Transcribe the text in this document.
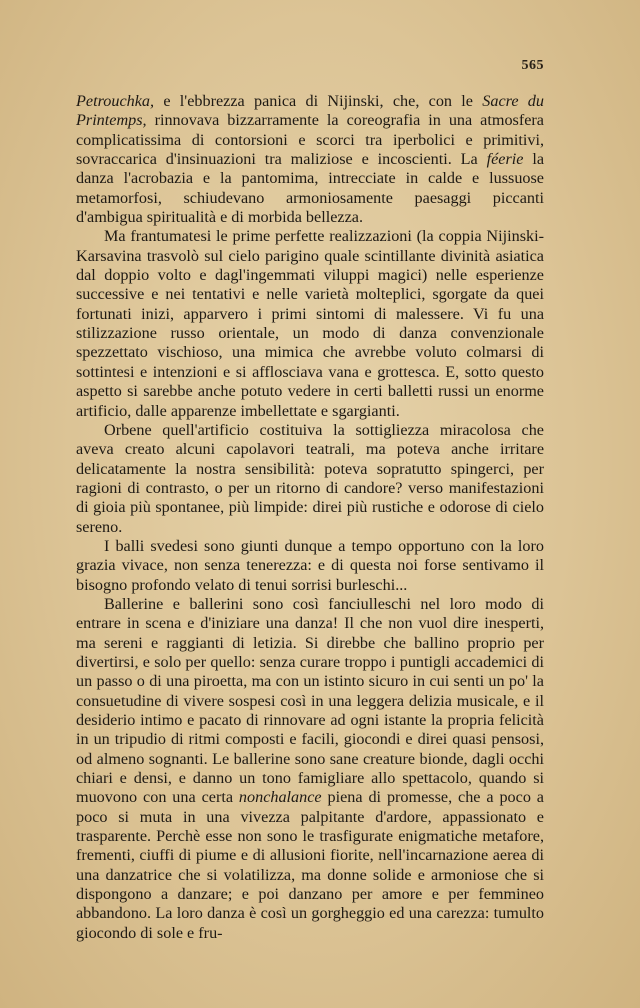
565

Petrouchka, e l'ebbrezza panica di Nijinski, che, con le Sacre du Printemps, rinnovava bizzarramente la coreografia in una atmosfera complicatissima di contorsioni e scorci tra iperbolici e primitivi, sovraccarica d'insinuazioni tra maliziose e incoscienti. La féerie la danza l'acrobazia e la pantomima, intrecciate in calde e lussuose metamorfosi, schiudevano armoniosamente paesaggi piccanti d'ambigua spiritualità e di morbida bellezza.

Ma frantumatesi le prime perfette realizzazioni (la coppia Nijinski-Karsavina trasvolò sul cielo parigino quale scintillante divinità asiatica dal doppio volto e dagl'ingemmati viluppi magici) nelle esperienze successive e nei tentativi e nelle varietà molteplici, sgorgate da quei fortunati inizi, apparvero i primi sintomi di malessere. Vi fu una stilizzazione russo orientale, un modo di danza convenzionale spezzettato vischioso, una mimica che avrebbe voluto colmarsi di sottintesi e intenzioni e si afflosciava vana e grottesca. E, sotto questo aspetto si sarebbe anche potuto vedere in certi balletti russi un enorme artificio, dalle apparenze imbellettate e sgargianti.

Orbene quell'artificio costituiva la sottigliezza miracolosa che aveva creato alcuni capolavori teatrali, ma poteva anche irritare delicatamente la nostra sensibilità: poteva sopratutto spingerci, per ragioni di contrasto, o per un ritorno di candore? verso manifestazioni di gioia più spontanee, più limpide: direi più rustiche e odorose di cielo sereno.

I balli svedesi sono giunti dunque a tempo opportuno con la loro grazia vivace, non senza tenerezza: e di questa noi forse sentivamo il bisogno profondo velato di tenui sorrisi burleschi...

Ballerine e ballerini sono così fanciulleschi nel loro modo di entrare in scena e d'iniziare una danza! Il che non vuol dire inesperti, ma sereni e raggianti di letizia. Si direbbe che ballino proprio per divertirsi, e solo per quello: senza curare troppo i puntigli accademici di un passo o di una piroetta, ma con un istinto sicuro in cui senti un po' la consuetudine di vivere sospesi così in una leggera delizia musicale, e il desiderio intimo e pacato di rinnovare ad ogni istante la propria felicità in un tripudio di ritmi composti e facili, giocondi e direi quasi pensosi, od almeno sognanti. Le ballerine sono sane creature bionde, dagli occhi chiari e densi, e danno un tono famigliare allo spettacolo, quando si muovono con una certa nonchalance piena di promesse, che a poco a poco si muta in una vivezza palpitante d'ardore, appassionato e trasparente. Perchè esse non sono le trasfigurate enigmatiche metafore, frementi, ciuffi di piume e di allusioni fiorite, nell'incarnazione aerea di una danzatrice che si volatilizza, ma donne solide e armoniose che si dispongono a danzare; e poi danzano per amore e per femmineo abbandono. La loro danza è così un gorgheggio ed una carezza: tumulto giocondo di sole e fru-
